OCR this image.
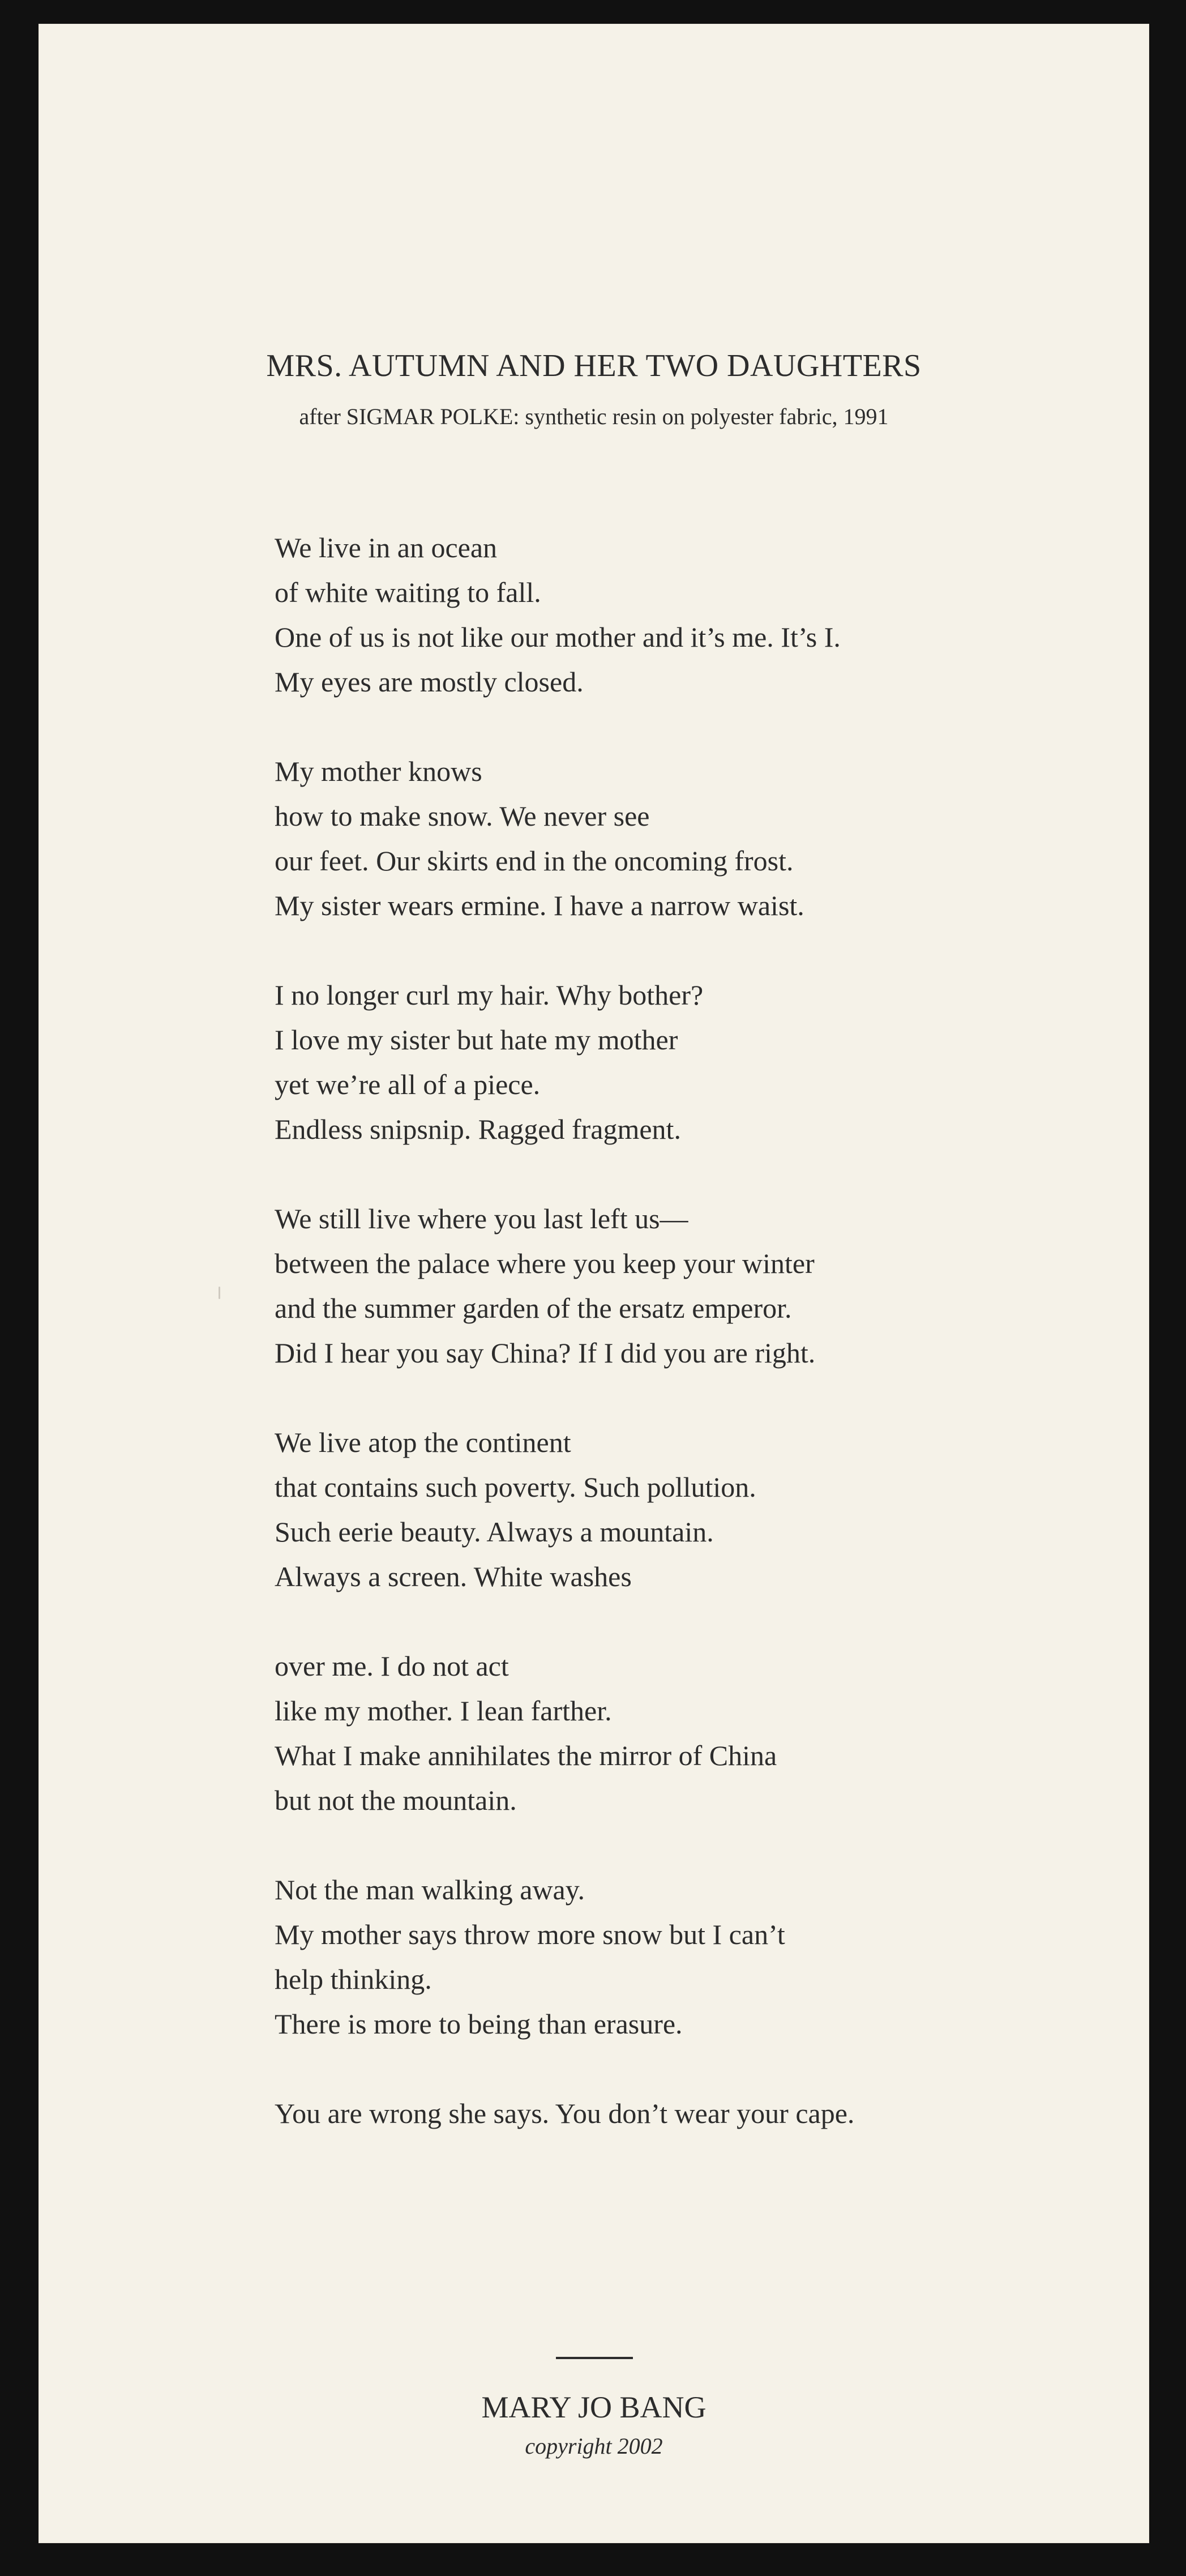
MRS. AUTUMN AND HER TWO DAUGHTERS

after SIGMAR POLKE: synthetic resin on polyester fabric, 1991

We live in an ocean
of white waiting to fall.
One of us is not like our mother and it’s me. It’s I.
My eyes are mostly closed.
My mother knows
how to make snow. We never see
our feet. Our skirts end in the oncoming frost.
My sister wears ermine. I have a narrow waist.
I no longer curl my hair. Why bother?
I love my sister but hate my mother
yet we’re all of a piece.
Endless snipsnip. Ragged fragment.
We still live where you last left us—
between the palace where you keep your winter
and the summer garden of the ersatz emperor.
Did I hear you say China? If I did you are right.
We live atop the continent
that contains such poverty. Such pollution.
Such eerie beauty. Always a mountain.
Always a screen. White washes
over me. I do not act
like my mother. I lean farther.
What I make annihilates the mirror of China
but not the mountain.
Not the man walking away.
My mother says throw more snow but I can’t
help thinking.
There is more to being than erasure.
You are wrong she says. You don’t wear your cape.
MARY JO BANG
copyright 2002
